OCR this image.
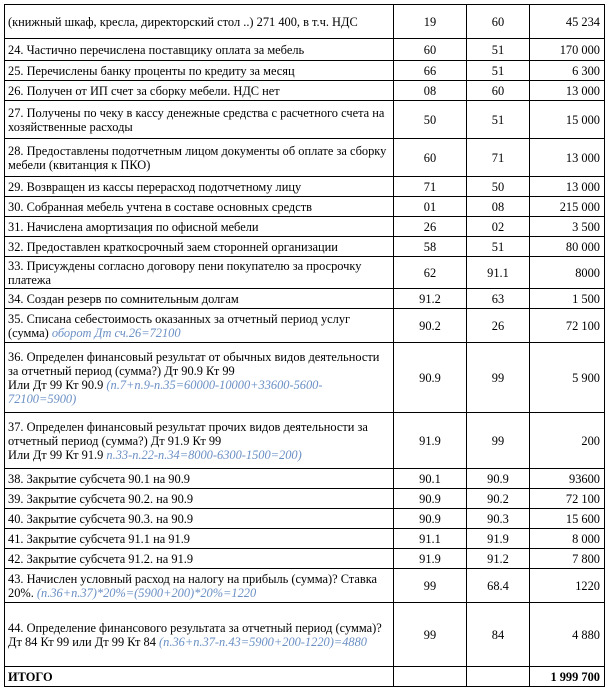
(книжный шкаф, кресла, директорский стол ..) 271 400, в т.ч. НДС	19	60	45 234
24. Частично перечислена поставщику оплата за мебель	60	51	170 000
25. Перечислены банку проценты по кредиту за месяц	66	51	6 300
26. Получен от ИП счет за сборку мебели. НДС нет	08	60	13 000
27. Получены по чеку в кассу денежные средства с расчетного счета на хозяйственные расходы	50	51	15 000
28. Предоставлены подотчетным лицом документы об оплате за сборку мебели (квитанция к ПКО)	60	71	13 000
29. Возвращен из кассы перерасход подотчетному лицу	71	50	13 000
30. Собранная мебель учтена в составе основных средств	01	08	215 000
31. Начислена амортизация по офисной мебели	26	02	3 500
32. Предоставлен краткосрочный заем сторонней организации	58	51	80 000
33. Присуждены согласно договору пени покупателю за просрочку платежа	62	91.1	8000
34. Создан резерв по сомнительным долгам	91.2	63	1 500
35. Списана себестоимость оказанных за отчетный период услуг (сумма) оборот Дт сч.26=72100	90.2	26	72 100
36. Определен финансовый результат от обычных видов деятельности за отчетный период (сумма?) Дт 90.9 Кт 99
Или Дт 99 Кт 90.9 (п.7+п.9-п.35=60000-10000+33600-5600-72100=5900)	90.9	99	5 900
37. Определен финансовый результат прочих видов деятельности за отчетный период (сумма?) Дт 91.9 Кт 99
Или Дт 99 Кт 91.9 п.33-п.22-п.34=8000-6300-1500=200)	91.9	99	200
38. Закрытие субсчета 90.1 на 90.9	90.1	90.9	93600
39. Закрытие субсчета 90.2. на 90.9	90.9	90.2	72 100
40. Закрытие субсчета 90.3. на 90.9	90.9	90.3	15 600
41. Закрытие субсчета 91.1 на 91.9	91.1	91.9	8 000
42. Закрытие субсчета 91.2. на 91.9	91.9	91.2	7 800
43. Начислен условный расход на налогу на прибыль (сумма)? Ставка 20%. (п.36+п.37)*20%=(5900+200)*20%=1220	99	68.4	1220
44. Определение финансового результата за отчетный период (сумма)?
Дт 84 Кт 99 или Дт 99 Кт 84 (п.36+п.37-п.43=5900+200-1220)=4880	99	84	4 880
ИТОГО			1 999 700
